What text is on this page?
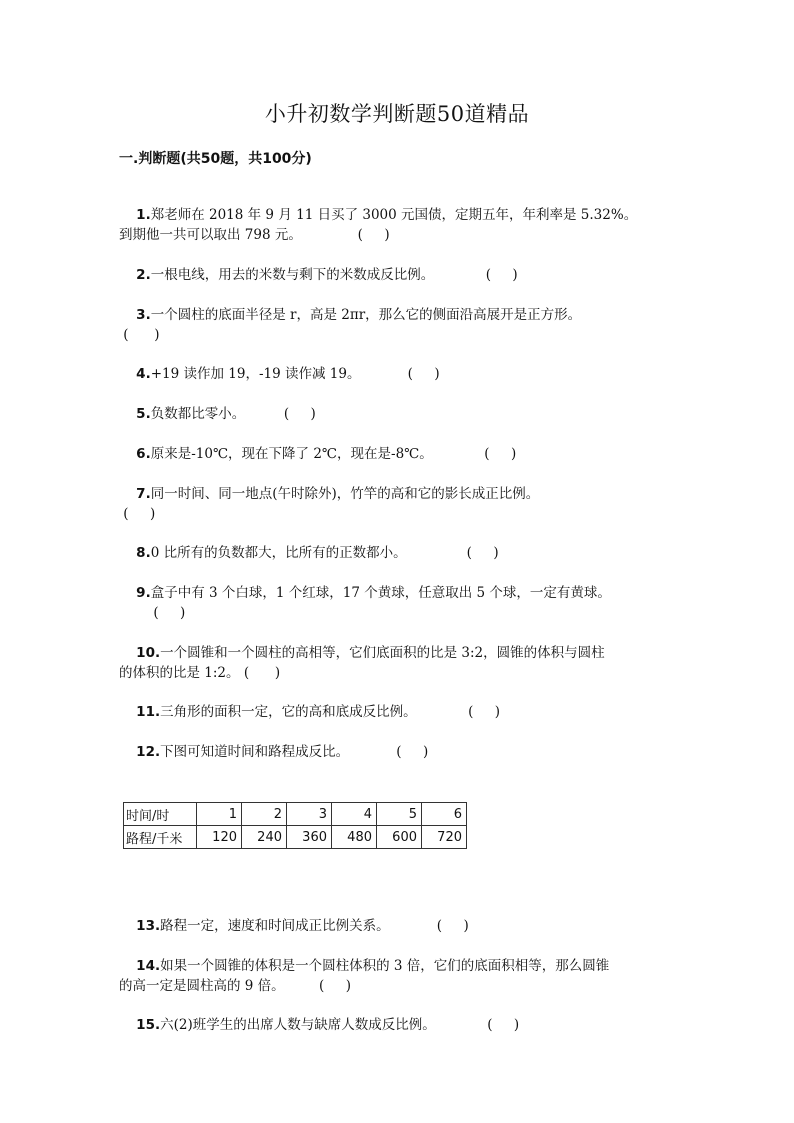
小升初数学判断题50道精品
一.判断题(共50题，共100分)

1.郑老师在 2018 年 9 月 11 日买了 3000 元国债，定期五年，年利率是 5.32%。
到期他一共可以取出 798 元。             (     )

2.一根电线，用去的米数与剩下的米数成反比例。            (     )

3.一个圆柱的底面半径是 r，高是 2πr，那么它的侧面沿高展开是正方形。
(      )

4.+19 读作加 19，-19 读作减 19。           (     )

5.负数都比零小。         (     )

6.原来是-10℃，现在下降了 2℃，现在是-8℃。            (     )

7.同一时间、同一地点(午时除外)，竹竿的高和它的影长成正比例。
(     )

8.0 比所有的负数都大，比所有的正数都小。              (     )

9.盒子中有 3 个白球，1 个红球，17 个黄球，任意取出 5 个球，一定有黄球。
(     )

10.一个圆锥和一个圆柱的高相等，它们底面积的比是 3:2，圆锥的体积与圆柱
的体积的比是 1:2。 (      )

11.三角形的面积一定，它的高和底成反比例。            (     )

12.下图可知道时间和路程成反比。           (     )

时间/时	1	2	3	4	5	6
路程/千米	120	240	360	480	600	720

13.路程一定，速度和时间成正比例关系。           (     )

14.如果一个圆锥的体积是一个圆柱体积的 3 倍，它们的底面积相等，那么圆锥
的高一定是圆柱高的 9 倍。        (     )

15.六(2)班学生的出席人数与缺席人数成反比例。            (     )
